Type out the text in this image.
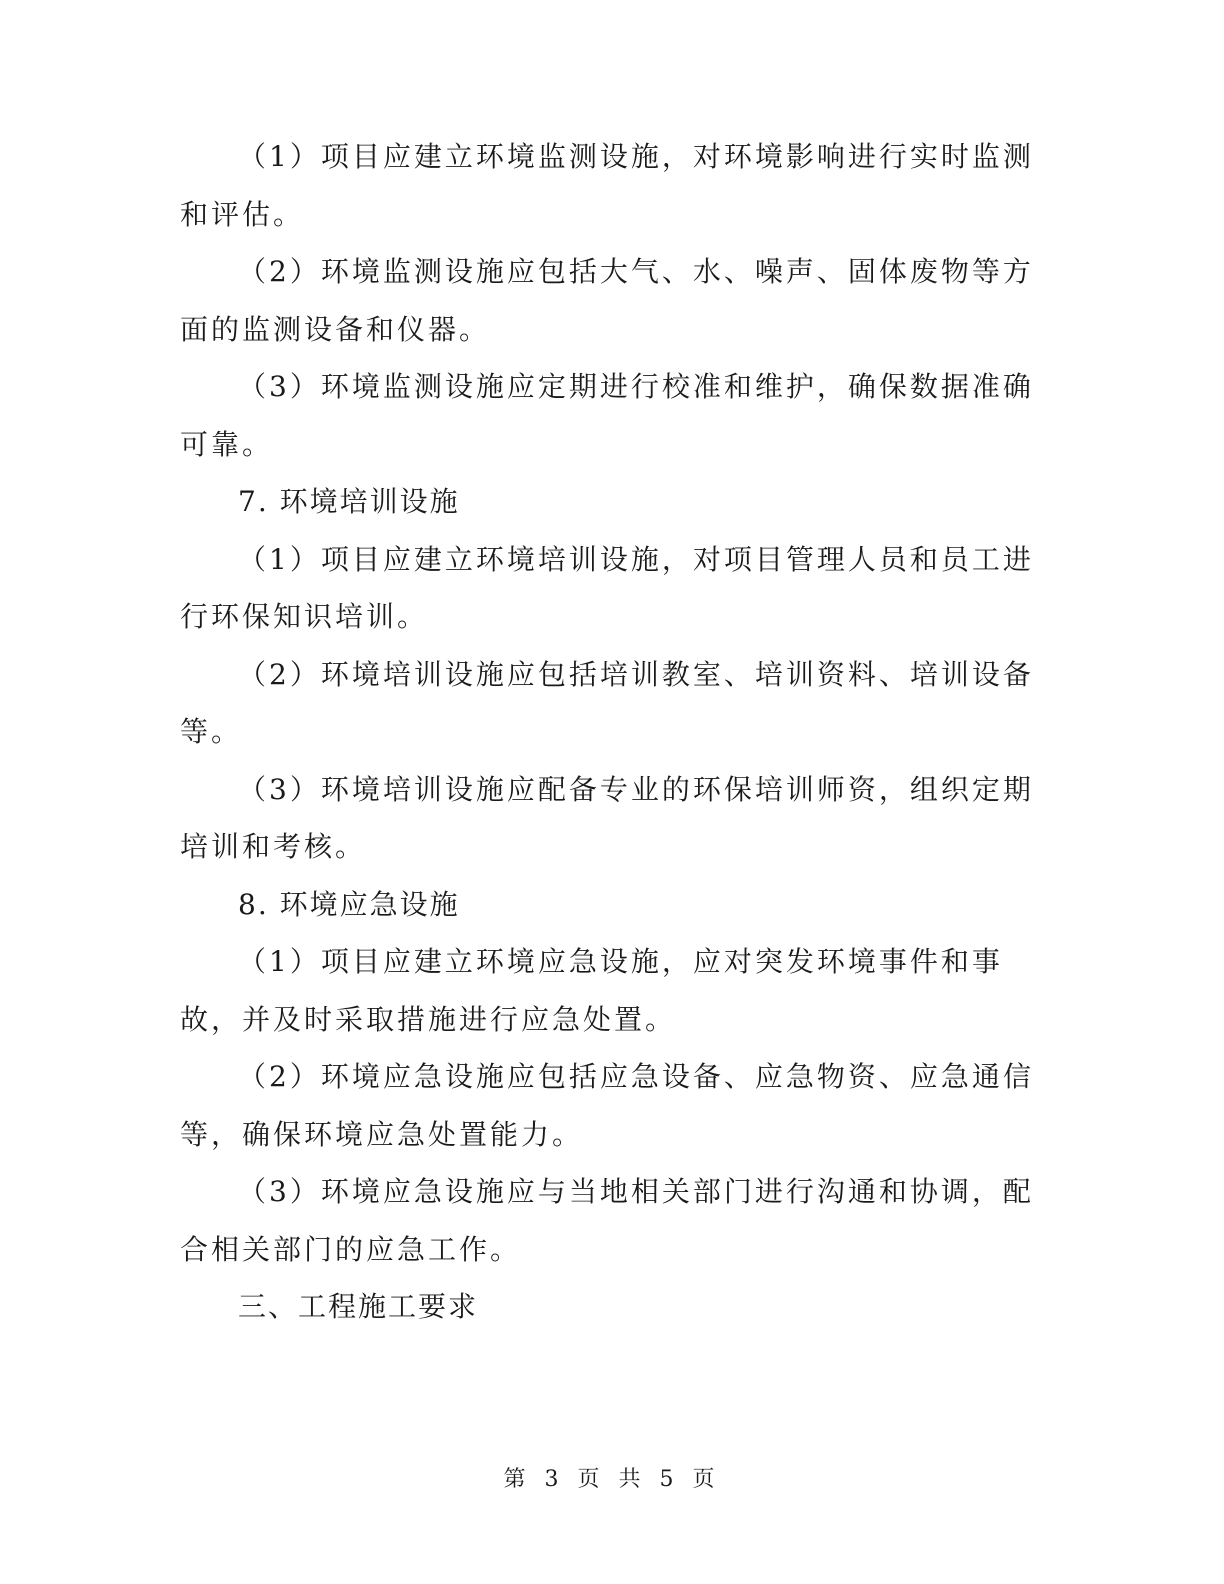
（1）项目应建立环境监测设施，对环境影响进行实时监测和评估。

（2）环境监测设施应包括大气、水、噪声、固体废物等方面的监测设备和仪器。

（3）环境监测设施应定期进行校准和维护，确保数据准确可靠。

7. 环境培训设施

（1）项目应建立环境培训设施，对项目管理人员和员工进行环保知识培训。

（2）环境培训设施应包括培训教室、培训资料、培训设备等。

（3）环境培训设施应配备专业的环保培训师资，组织定期培训和考核。

8. 环境应急设施

（1）项目应建立环境应急设施，应对突发环境事件和事故，并及时采取措施进行应急处置。

（2）环境应急设施应包括应急设备、应急物资、应急通信等，确保环境应急处置能力。

（3）环境应急设施应与当地相关部门进行沟通和协调，配合相关部门的应急工作。

三、工程施工要求

第 3 页 共 5 页
